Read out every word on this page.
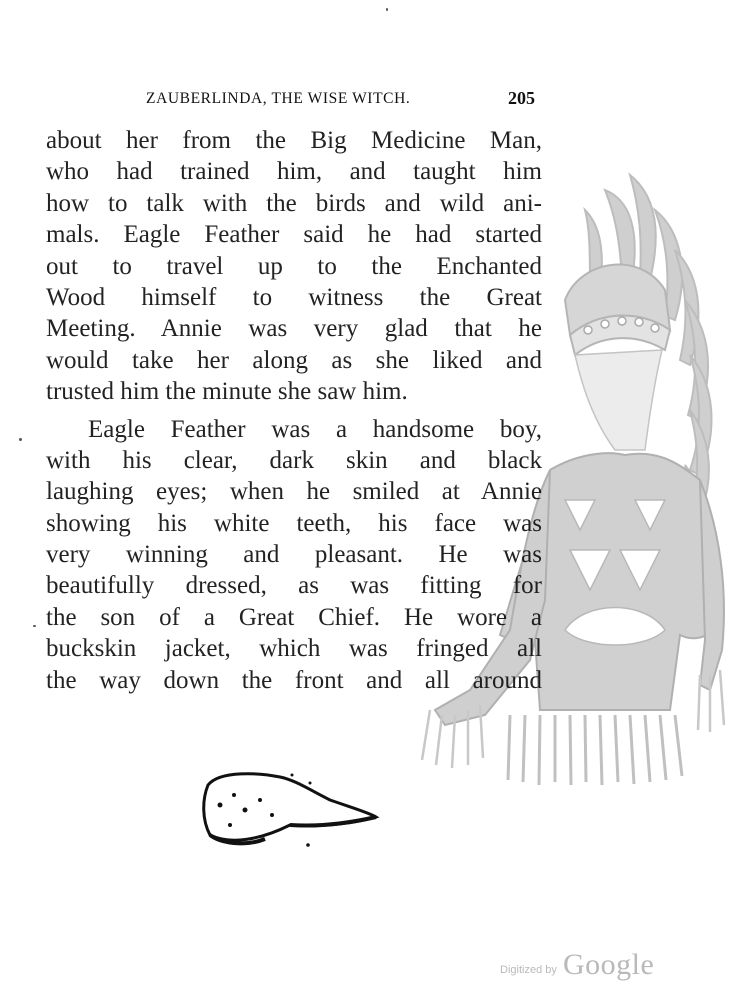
ZAUBERLINDA, THE WISE WITCH.	205
about her from the Big Medicine Man,
who had trained him, and taught him
how to talk with the birds and wild ani-
mals. Eagle Feather said he had started
out to travel up to the Enchanted
Wood himself to witness the Great
Meeting. Annie was very glad that he
would take her along as she liked and
trusted him the minute she saw him.
Eagle Feather was a handsome boy,
with his clear, dark skin and black
laughing eyes; when he smiled at Annie
showing his white teeth, his face was
very winning and pleasant. He was
beautifully dressed, as was fitting for
the son of a Great Chief. He wore a
buckskin jacket, which was fringed all
the way down the front and all around
Digitized by Google
